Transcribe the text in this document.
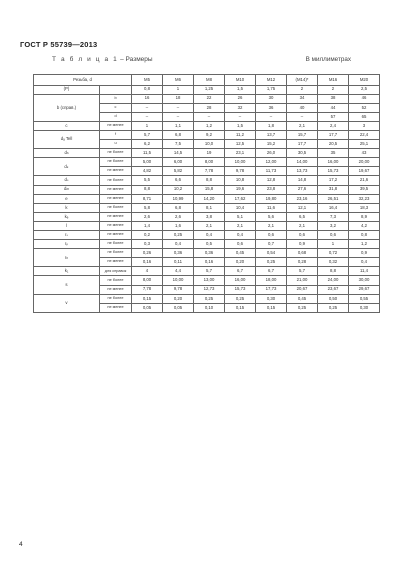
ГОСТ Р 55739—2013
Т а б л и ц а 1 – Размеры	В миллиметрах
Резьба, d		M5	M6	M8	M10	M12	(M14)*	M16	M20
(P)		0,8	1	1,25	1,5	1,75	2	2	2,5
b (справ.)	b	16	18	22	26	30	34	38	46
	c	–	–	28	32	36	40	44	52
	d	–	–	–	–	–	–	57	65
c	не менее	1	1,1	1,2	1,5	1,8	2,1	2,4	3
dₐ Tell	f	5,7	6,8	9,2	11,2	13,7	15,7	17,7	22,4
	u	6,2	7,5	10,0	12,5	15,2	17,7	20,5	25,1
dₙ	не более	11,5	14,5	19	23,1	26,0	30,5	35	43
dₖ	не более	5,00	6,00	8,00	10,00	12,00	14,00	16,00	20,00
	не менее	4,82	5,82	7,78	9,78	11,73	13,73	15,73	19,67
dₛ	не более	5,5	6,6	8,8	10,8	12,8	14,8	17,2	21,6
dₘ	не менее	8,8	10,2	15,8	19,6	23,8	27,6	31,8	39,5
e	не менее	8,71	10,99	14,20	17,62	19,80	23,16	26,51	32,23
k	не более	5,8	6,8	8,1	10,4	11,6	12,1	16,4	18,3
kₑ	не менее	2,6	2,6	3,8	5,1	5,6	6,5	7,3	8,9
l	не менее	1,4	1,6	2,1	2,1	2,1	2,1	3,2	4,2
rₛ	не менее	0,2	0,25	0,4	0,4	0,6	0,6	0,6	0,8
rₚ	не более	0,3	0,4	0,5	0,6	0,7	0,9	1	1,2
rₕ	не более	0,26	0,36	0,36	0,45	0,54	0,68	0,72	0,9
	не менее	0,16	0,11	0,16	0,20	0,25	0,28	0,32	0,4
k₁	для справок	4	4,4	5,7	6,7	6,7	5,7	8,8	11,4
s	не более	8,00	10,00	13,00	16,00	18,00	21,00	24,00	30,00
	не менее	7,78	9,78	12,73	15,73	17,73	20,67	23,67	29,67
v	не более	0,15	0,20	0,25	0,25	0,30	0,45	0,50	0,55
	не менее	0,05	0,05	0,10	0,15	0,15	0,25	0,25	0,30
4
